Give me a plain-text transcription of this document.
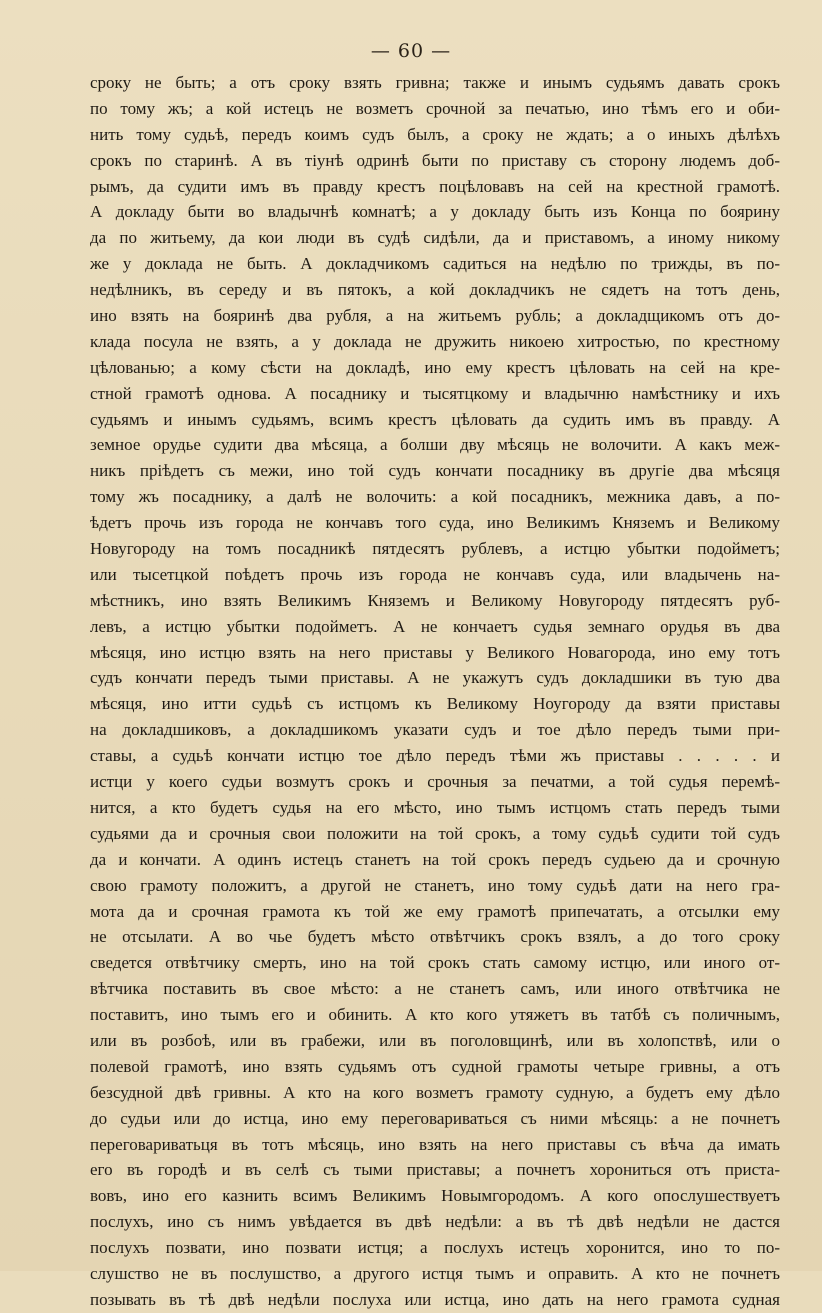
— 60 —
сроку не быть; а отъ сроку взять гривна; также и инымъ судьямъ давать срокъ
по тому жъ; а кой истецъ не возметъ срочной за печатью, ино тѣмъ его и оби-
нить тому судьѣ, передъ коимъ судъ былъ, а сроку не ждать; а о иныхъ дѣлѣхъ
срокъ по старинѣ. А въ тіунѣ одринѣ быти по приставу съ сторону людемъ доб-
рымъ, да судити имъ въ правду крестъ поцѣловавъ на сей на крестной грамотѣ.
А докладу быти во владычнѣ комнатѣ; а у докладу быть изъ Конца по боярину
да по житьему, да кои люди въ судѣ сидѣли, да и приставомъ, а иному никому
же у доклада не быть. А докладчикомъ садиться на недѣлю по трижды, въ по-
недѣлникъ, въ середу и въ пятокъ, а кой докладчикъ не сядетъ на тотъ день,
ино взять на бояринѣ два рубля, а на житьемъ рубль; а докладщикомъ отъ до-
клада посула не взять, а у доклада не дружить никоею хитростью, по крестному
цѣлованью; а кому сѣсти на докладѣ, ино ему крестъ цѣловать на сей на кре-
стной грамотѣ однова. А посаднику и тысятцкому и владычню намѣстнику и ихъ
судьямъ и инымъ судьямъ, всимъ крестъ цѣловать да судить имъ въ правду. А
земное орудье судити два мѣсяца, а болши дву мѣсяць не волочити. А какъ меж-
никъ прiѣдетъ съ межи, ино той судъ кончати посаднику въ другiе два мѣсяця
тому жъ посаднику, а далѣ не волочить: а кой посадникъ, межника давъ, а по-
ѣдетъ прочь изъ города не кончавъ того суда, ино Великимъ Княземъ и Великому
Новугороду на томъ посадникѣ пятдесятъ рублевъ, а истцю убытки подойметъ;
или тысетцкой поѣдетъ прочь изъ города не кончавъ суда, или владычень на-
мѣстникъ, ино взять Великимъ Княземъ и Великому Новугороду пятдесятъ руб-
левъ, а истцю убытки подойметъ. А не кончаетъ судья земнаго орудья въ два
мѣсяця, ино истцю взять на него приставы у Великого Новагорода, ино ему тотъ
судъ кончати передъ тыми приставы. А не укажутъ судъ докладшики въ тую два
мѣсяця, ино итти судьѣ съ истцомъ къ Великому Ноугороду да взяти приставы
на докладшиковъ, а докладшикомъ указати судъ и тое дѣло передъ тыми при-
ставы, а судьѣ кончати истцю тое дѣло передъ тѣми жъ приставы . . . . . и
истци у коего судьи возмутъ срокъ и срочныя за печатми, а той судья перемѣ-
нится, а кто будетъ судья на его мѣсто, ино тымъ истцомъ стать передъ тыми
судьями да и срочныя свои положити на той срокъ, а тому судьѣ судити той судъ
да и кончати. А одинъ истецъ станетъ на той срокъ передъ судьею да и срочную
свою грамоту положитъ, а другой не станетъ, ино тому судьѣ дати на него гра-
мота да и срочная грамота къ той же ему грамотѣ припечатать, а отсылки ему
не отсылати. А во чье будетъ мѣсто отвѣтчикъ срокъ взялъ, а до того сроку
сведется отвѣтчику смерть, ино на той срокъ стать самому истцю, или иного от-
вѣтчика поставить въ свое мѣсто: а не станетъ самъ, или иного отвѣтчика не
поставитъ, ино тымъ его и обинить. А кто кого утяжетъ въ татбѣ съ поличнымъ,
или въ розбоѣ, или въ грабежи, или въ поголовщинѣ, или въ холопствѣ, или о
полевой грамотѣ, ино взять судьямъ отъ судной грамоты четыре гривны, а отъ
безсудной двѣ гривны. А кто на кого возметъ грамоту судную, а будетъ ему дѣло
до судьи или до истца, ино ему переговариваться съ ними мѣсяць: а не почнетъ
переговариватьця въ тотъ мѣсяць, ино взять на него приставы съ вѣча да имать
его въ городѣ и въ селѣ съ тыми приставы; а почнетъ хорониться отъ приста-
вовъ, ино его казнить всимъ Великимъ Новымгородомъ. А кого опослушествуетъ
послухъ, ино съ нимъ увѣдается въ двѣ недѣли: а въ тѣ двѣ недѣли не дастся
послухъ позвати, ино позвати истця; а послухъ истецъ хоронится, ино то по-
слушство не въ послушство, а другого истця тымъ и оправить. А кто не почнетъ
позывать въ тѣ двѣ недѣли послуха или истца, ино дать на него грамота судная
